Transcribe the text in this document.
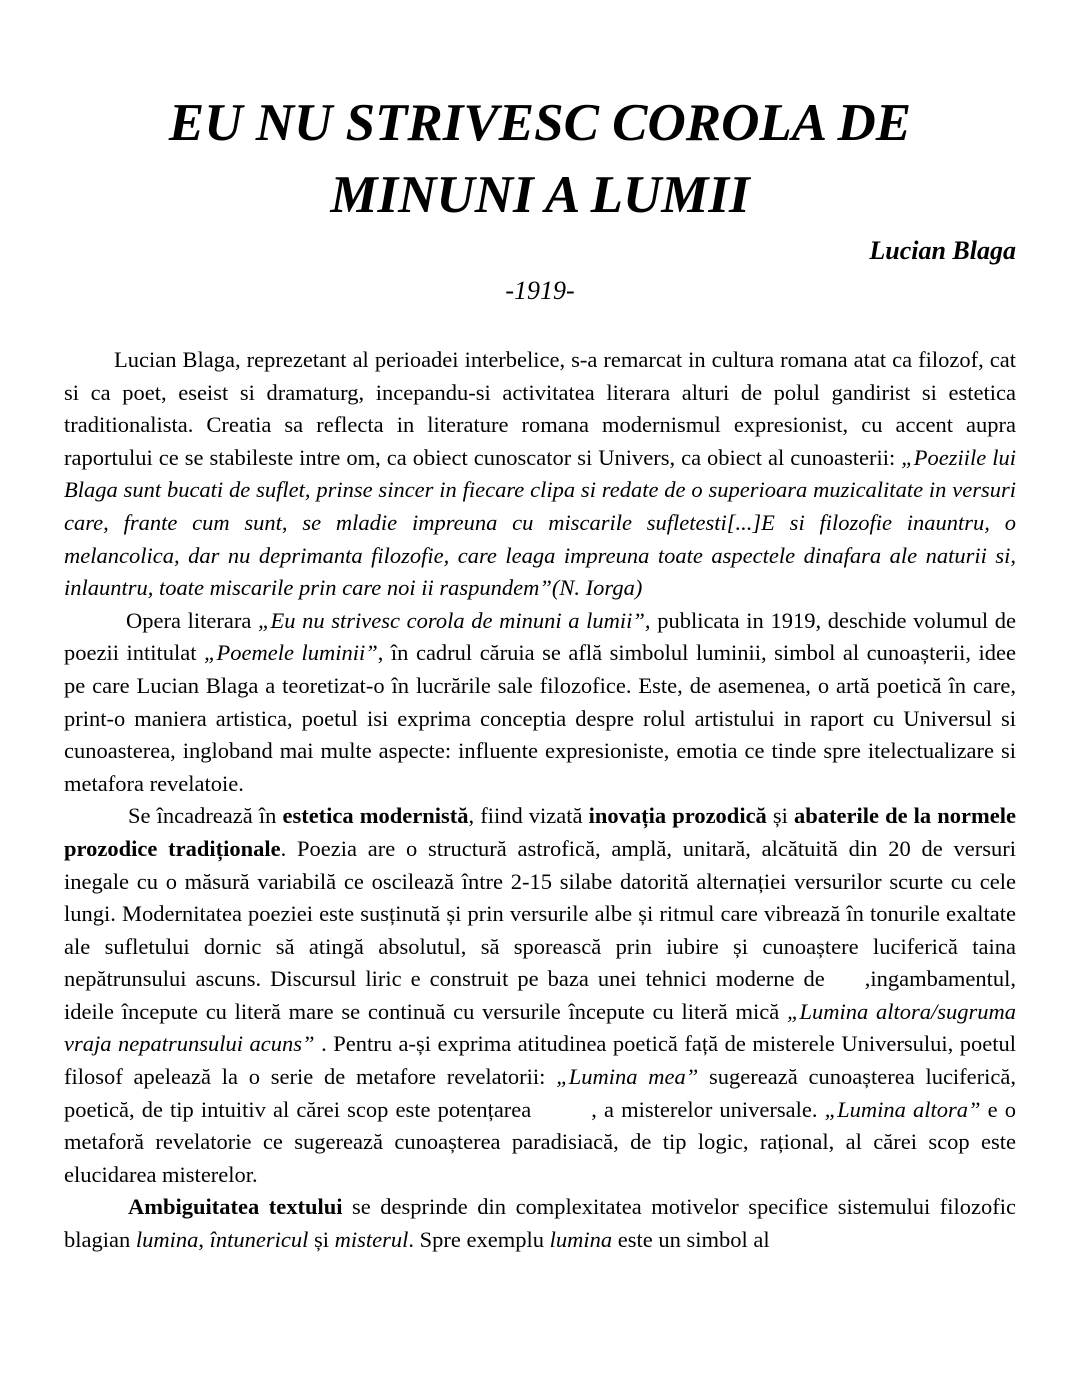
EU NU STRIVESC COROLA DE
MINUNI A LUMII
Lucian Blaga
-1919-

Lucian Blaga, reprezetant al perioadei interbelice, s-a remarcat in cultura romana atat ca filozof, cat si ca poet, eseist si dramaturg, incepandu-si activitatea literara alturi de polul gandirist si estetica traditionalista. Creatia sa reflecta in literature romana modernismul expresionist, cu accent aupra raportului ce se stabileste intre om, ca obiect cunoscator si Univers, ca obiect al cunoasterii: „Poeziile lui Blaga sunt bucati de suflet, prinse sincer in fiecare clipa si redate de o superioara muzicalitate in versuri care, frante cum sunt, se mladie impreuna cu miscarile sufletesti[...]E si filozofie inauntru, o melancolica, dar nu deprimanta filozofie, care leaga impreuna toate aspectele dinafara ale naturii si, inlauntru, toate miscarile prin care noi ii raspundem”(N. Iorga)

Opera literara „Eu nu strivesc corola de minuni a lumii”, publicata in 1919, deschide volumul de poezii intitulat „Poemele luminii”, în cadrul căruia se află simbolul luminii, simbol al cunoașterii, idee pe care Lucian Blaga a teoretizat-o în lucrările sale filozofice. Este, de asemenea, o artă poetică în care, print-o maniera artistica, poetul isi exprima conceptia despre rolul artistului in raport cu Universul si cunoasterea, ingloband mai multe aspecte: influente expresioniste, emotia ce tinde spre itelectualizare si metafora revelatoie.

Se încadrează în estetica modernistă, fiind vizată inovația prozodică și abaterile de la normele prozodice tradiționale. Poezia are o structură astrofică, amplă, unitară, alcătuită din 20 de versuri inegale cu o măsură variabilă ce oscilează între 2-15 silabe datorită alternației versurilor scurte cu cele lungi. Modernitatea poeziei este susținută și prin versurile albe și ritmul care vibrează în tonurile exaltate ale sufletului dornic să atingă absolutul, să sporească prin iubire și cunoaștere luciferică taina nepătrunsului ascuns. Discursul liric e construit pe baza unei tehnici moderne de ,ingambamentul, ideile începute cu literă mare se continuă cu versurile începute cu literă mică „Lumina altora/sugruma vraja nepatrunsului acuns” . Pentru a-și exprima atitudinea poetică față de misterele Universului, poetul filosof apelează la o serie de metafore revelatorii: „Lumina mea” sugerează cunoașterea luciferică, poetică, de tip intuitiv al cărei scop este potențarea	, a misterelor universale. „Lumina altora” e o metaforă revelatorie ce sugerează cunoașterea paradisiacă, de tip logic, rațional, al cărei scop este elucidarea misterelor.

Ambiguitatea textului se desprinde din complexitatea motivelor specifice sistemului filozofic blagian lumina, întunericul și misterul. Spre exemplu lumina este un simbol al
